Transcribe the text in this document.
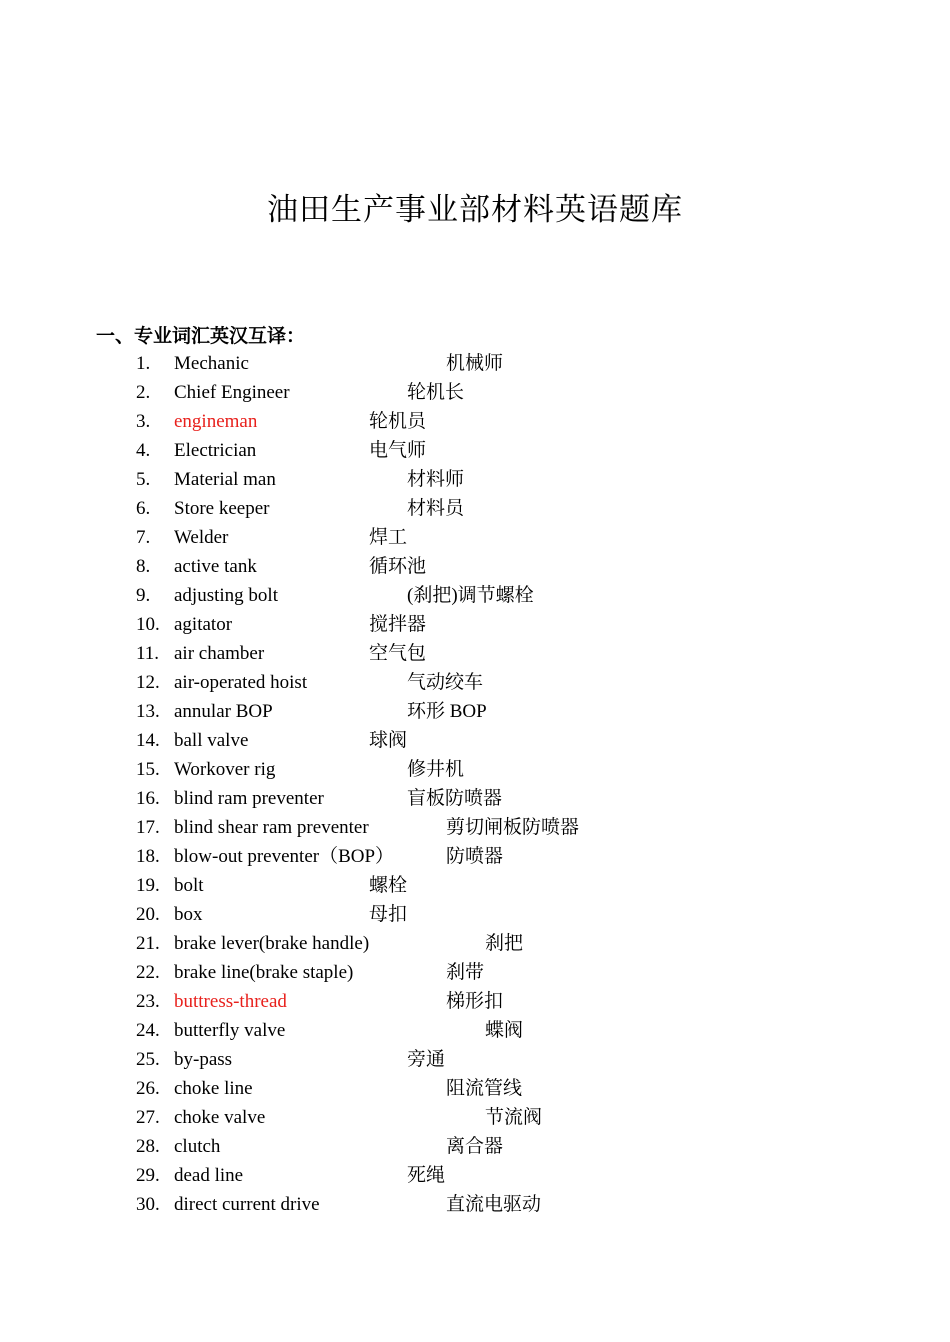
油田生产事业部材料英语题库
一、专业词汇英汉互译：
1. Mechanic	机械师
2. Chief Engineer	轮机长
3. engineman	轮机员
4. Electrician	电气师
5. Material man	材料师
6. Store keeper	材料员
7. Welder	焊工
8. active tank	循环池
9. adjusting bolt	(刹把)调节螺栓
10. agitator	搅拌器
11. air chamber	空气包
12. air-operated hoist	气动绞车
13. annular BOP	环形 BOP
14. ball valve	球阀
15. Workover rig	修井机
16. blind ram preventer	盲板防喷器
17. blind shear ram preventer	剪切闸板防喷器
18. blow-out preventer（BOP）	防喷器
19. bolt	螺栓
20. box	母扣
21. brake lever(brake handle)	刹把
22. brake line(brake staple)	刹带
23. buttress-thread	梯形扣
24. butterfly valve	蝶阀
25. by-pass	旁通
26. choke line	阻流管线
27. choke valve	节流阀
28. clutch	离合器
29. dead line	死绳
30. direct current drive	直流电驱动
